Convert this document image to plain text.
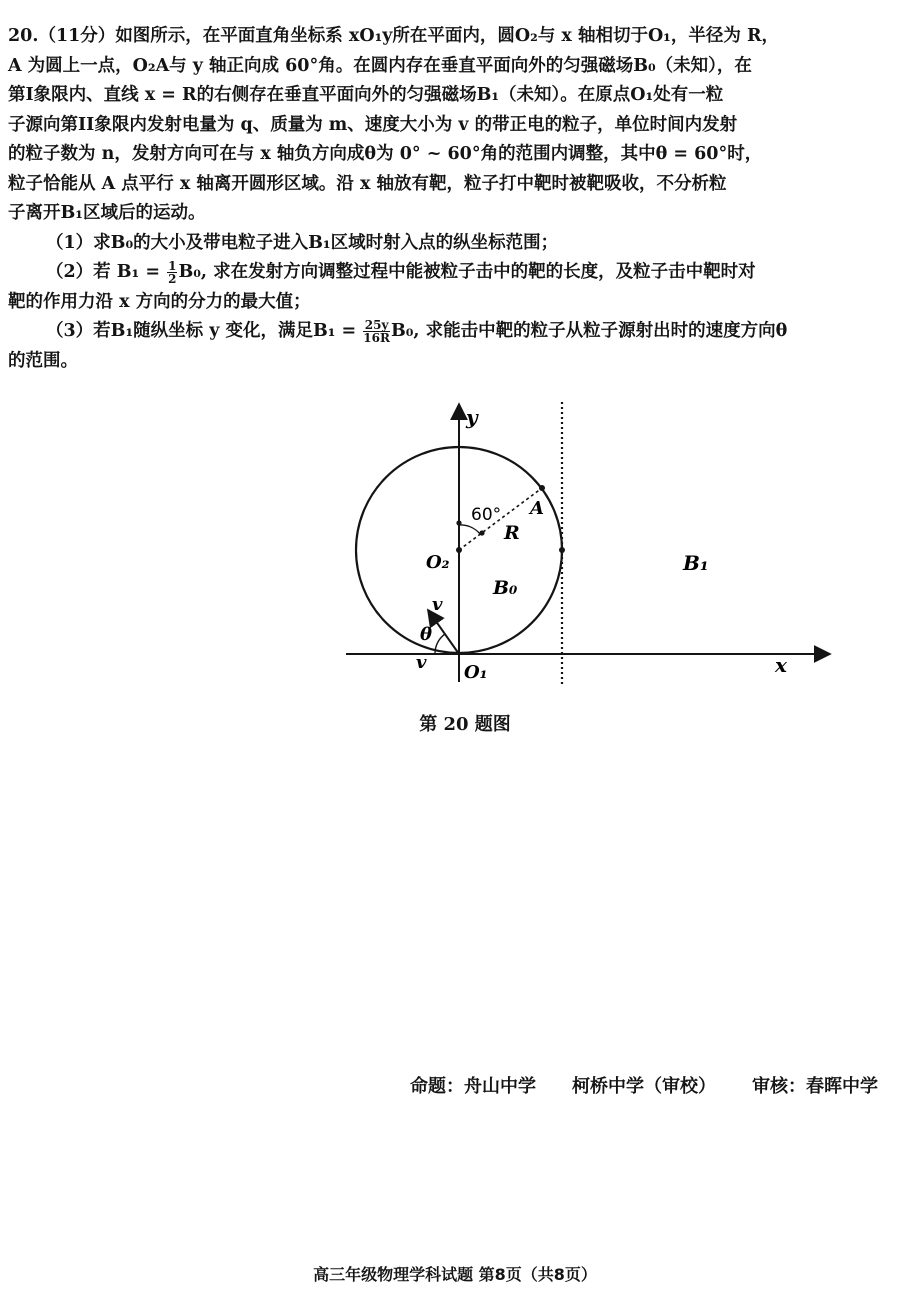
20.（11分）如图所示，在平面直角坐标系 xO₁y所在平面内，圆O₂与 x 轴相切于O₁，半径为 R，

A 为圆上一点，O₂A与 y 轴正向成 60°角。在圆内存在垂直平面向外的匀强磁场B₀（未知），在

第I象限内、直线 x = R的右侧存在垂直平面向外的匀强磁场B₁（未知）。在原点O₁处有一粒

子源向第II象限内发射电量为 q、质量为 m、速度大小为 v 的带正电的粒子，单位时间内发射

的粒子数为 n，发射方向可在与 x 轴负方向成θ为 0° ~ 60°角的范围内调整，其中θ = 60°时，

粒子恰能从 A 点平行 x 轴离开圆形区域。沿 x 轴放有靶，粒子打中靶时被靶吸收，不分析粒

子离开B₁区域后的运动。

（1）求B₀的大小及带电粒子进入B₁区域时射入点的纵坐标范围；

（2）若 $B_1 = \frac{1}{2} B_0$, 求在发射方向调整过程中能被粒子击中的靶的长度，及粒子击中靶时对

靶的作用力沿 x 方向的分力的最大值；

（3）若B₁随纵坐标 y 变化，满足$B_1 = \frac{25y}{16R} B_0$, 求能击中靶的粒子从粒子源射出时的速度方向θ

的范围。

y
x
60° A
R
O₂
B₀
B₁
O₁
v
v
θ
第 20 题图
命题：舟山中学 柯桥中学（审校） 审核：春晖中学
高三年级物理学科试题 第8页（共8页）
